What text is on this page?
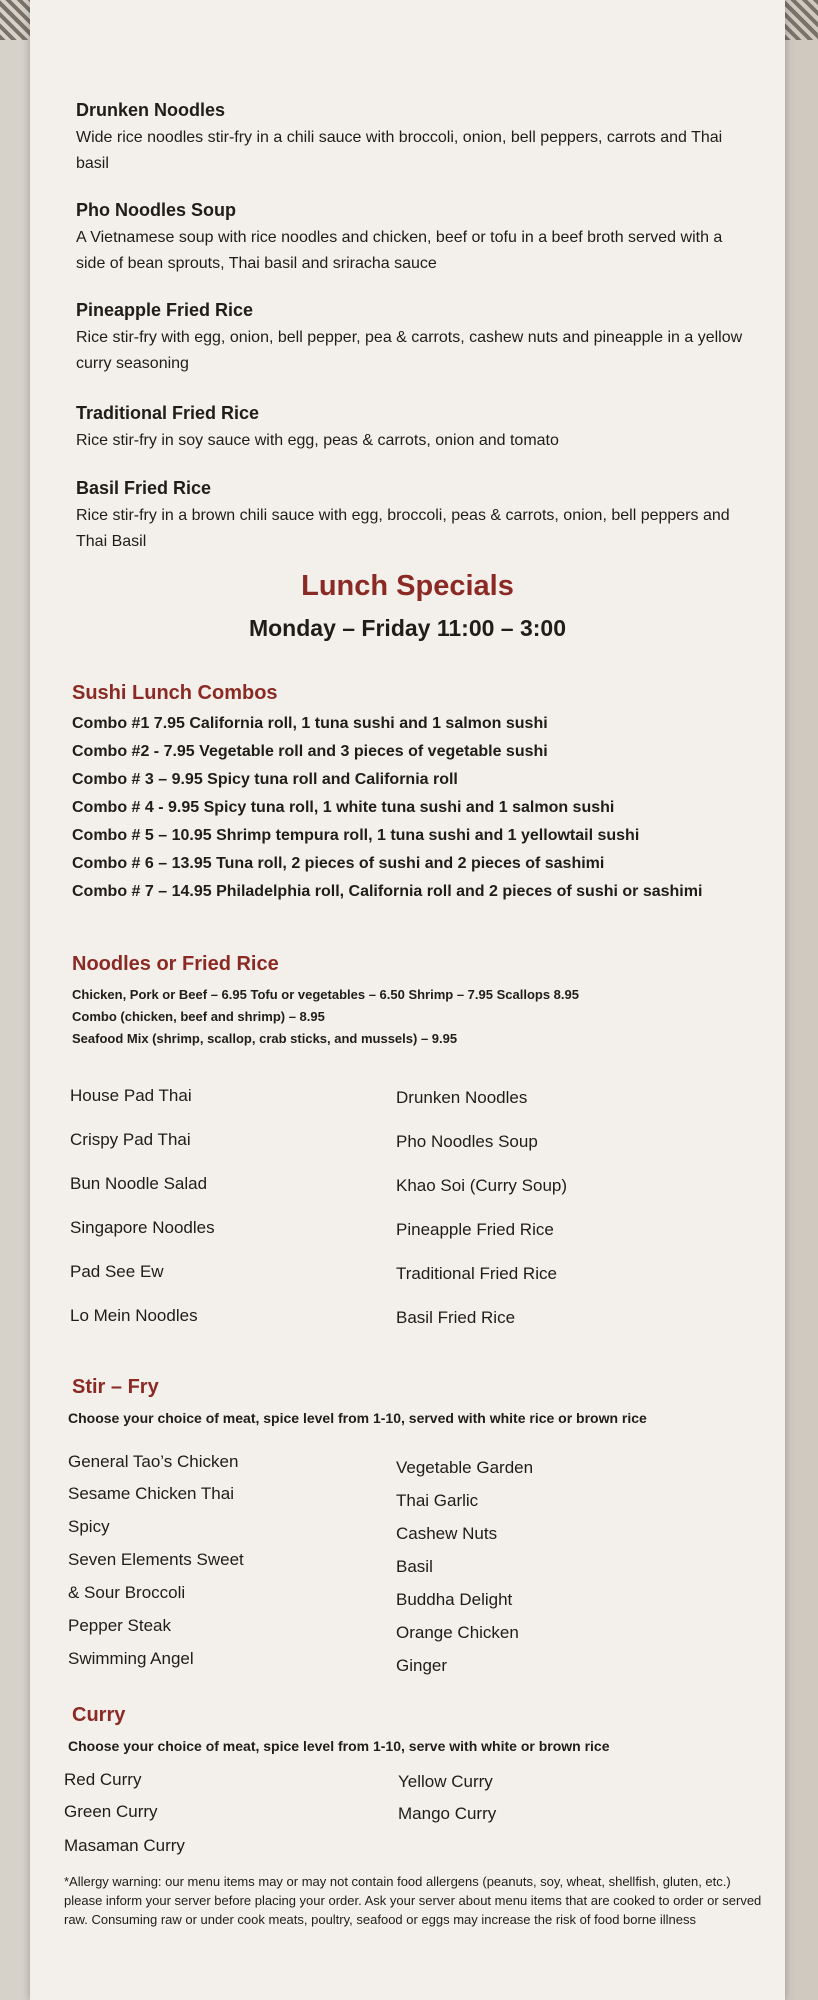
Drunken Noodles
Wide rice noodles stir-fry in a chili sauce with broccoli, onion, bell peppers, carrots and Thai basil
Pho Noodles Soup
A Vietnamese soup with rice noodles and chicken, beef or tofu in a beef broth served with a side of bean sprouts, Thai basil and sriracha sauce
Pineapple Fried Rice
Rice stir-fry with egg, onion, bell pepper, pea & carrots, cashew nuts and pineapple in a yellow curry seasoning
Traditional Fried Rice
Rice stir-fry in soy sauce with egg, peas & carrots, onion and tomato
Basil Fried Rice
Rice stir-fry in a brown chili sauce with egg, broccoli, peas & carrots, onion, bell peppers and Thai Basil
Lunch Specials
Monday – Friday 11:00 – 3:00
Sushi Lunch Combos
Combo #1 7.95 California roll, 1 tuna sushi and 1 salmon sushi
Combo #2 - 7.95 Vegetable roll and 3 pieces of vegetable sushi
Combo # 3 – 9.95 Spicy tuna roll and California roll
Combo # 4 - 9.95 Spicy tuna roll, 1 white tuna sushi and 1 salmon sushi
Combo # 5 – 10.95 Shrimp tempura roll, 1 tuna sushi and 1 yellowtail sushi
Combo # 6 – 13.95 Tuna roll, 2 pieces of sushi and 2 pieces of sashimi
Combo # 7 – 14.95 Philadelphia roll, California roll and 2 pieces of sushi or sashimi
Noodles or Fried Rice
Chicken, Pork or Beef – 6.95 Tofu or vegetables – 6.50 Shrimp – 7.95 Scallops 8.95
Combo (chicken, beef and shrimp) – 8.95
Seafood Mix (shrimp, scallop, crab sticks, and mussels) – 9.95
House Pad Thai
Crispy Pad Thai
Bun Noodle Salad
Singapore Noodles
Pad See Ew
Lo Mein Noodles
Drunken Noodles
Pho Noodles Soup
Khao Soi (Curry Soup)
Pineapple Fried Rice
Traditional Fried Rice
Basil Fried Rice
Stir – Fry
Choose your choice of meat, spice level from 1-10, served with white rice or brown rice
General Tao’s Chicken
Sesame Chicken Thai
Spicy
Seven Elements Sweet
& Sour Broccoli
Pepper Steak
Swimming Angel
Vegetable Garden
Thai Garlic
Cashew Nuts
Basil
Buddha Delight
Orange Chicken
Ginger
Curry
Choose your choice of meat, spice level from 1-10, serve with white or brown rice
Red Curry
Green Curry
Masaman Curry
Yellow Curry
Mango Curry
*Allergy warning: our menu items may or may not contain food allergens (peanuts, soy, wheat, shellfish, gluten, etc.) please inform your server before placing your order. Ask your server about menu items that are cooked to order or served raw. Consuming raw or under cook meats, poultry, seafood or eggs may increase the risk of food borne illness
